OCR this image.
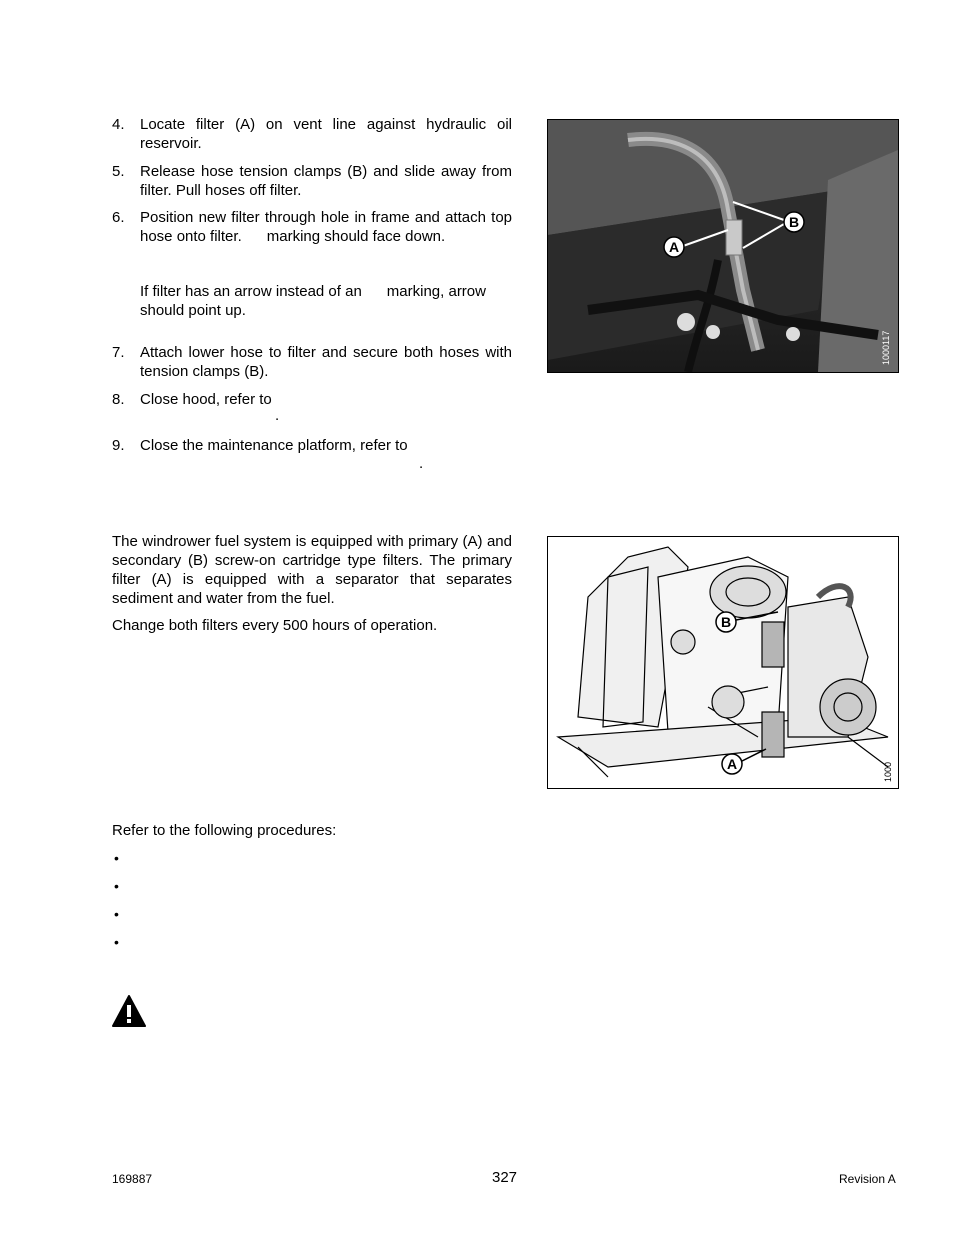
4.	Locate filter (A) on vent line against hydraulic oil reservoir.
5.	Release hose tension clamps (B) and slide away from filter. Pull hoses off filter.
6.	Position new filter through hole in frame and attach top hose onto filter.      marking should face down.
If filter has an arrow instead of an      marking, arrow should point up.
7.	Attach lower hose to filter and secure both hoses with tension clamps (B).
8.	Close hood, refer to
.
9.	Close the maintenance platform, refer to
.
B
A
1000117
The windrower fuel system is equipped with primary (A) and secondary (B) screw-on cartridge type filters. The primary filter (A) is equipped with a separator that separates sediment and water from the fuel.
Change both filters every 500 hours of operation.	B
A	1000
Refer to the following procedures:
•
•
•
•
169887	327	Revision A
